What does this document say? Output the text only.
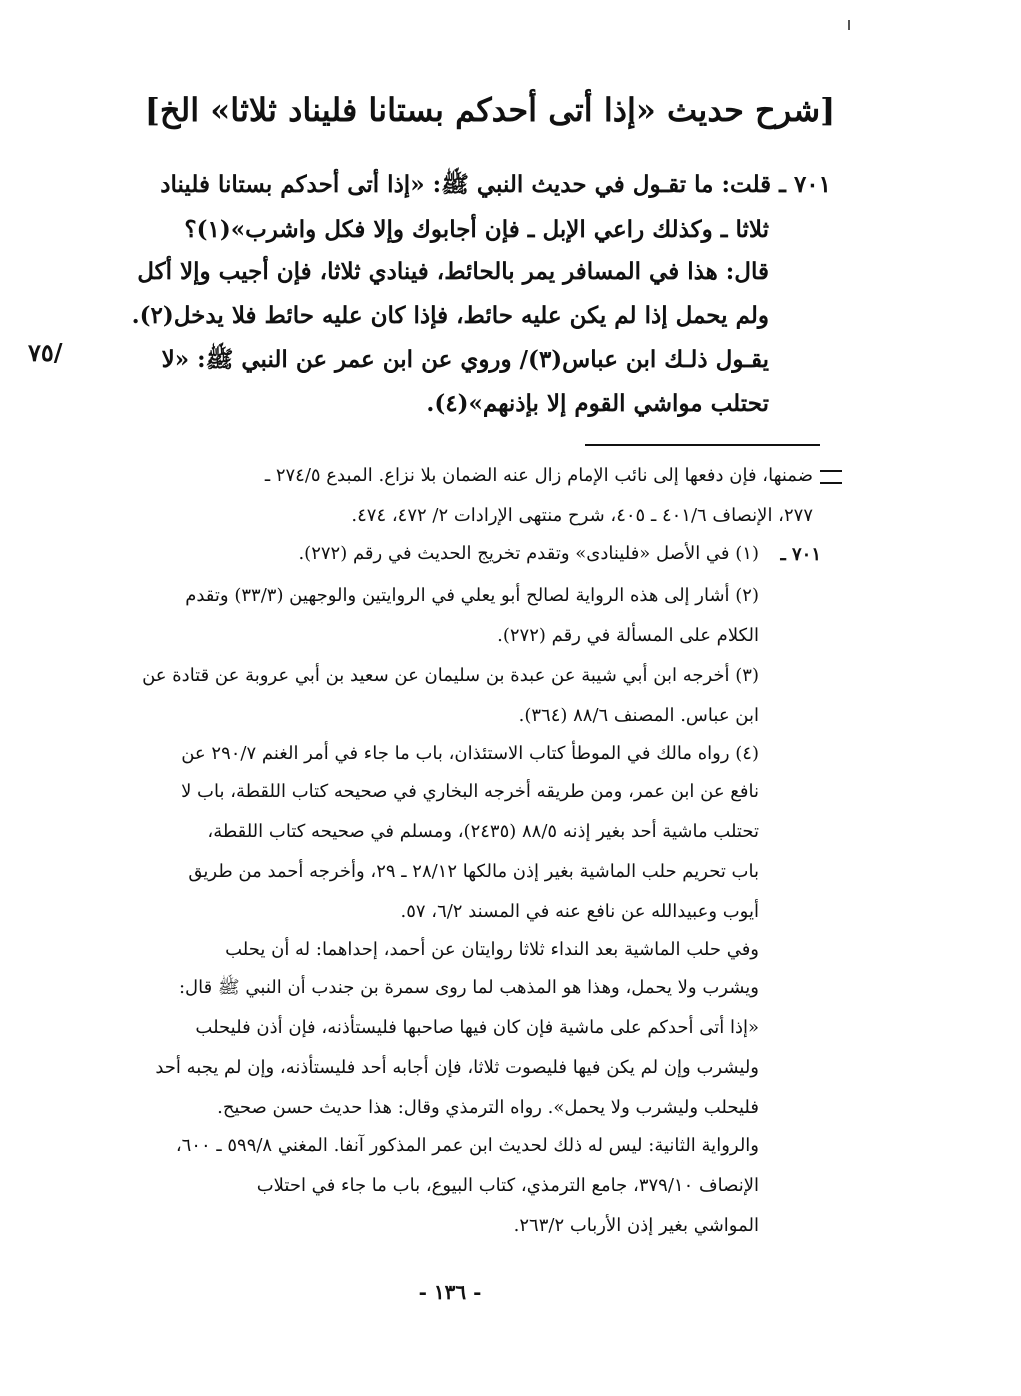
[شرح حديث «إذا أتى أحدكم بستانا فليناد ثلاثا» الخ]
٧٠١ ـ قلت: ما تقـول في حديث النبي ﷺ: «إذا أتى أحدكم بستانا فليناد
ثلاثا ـ وكذلك راعي الإبل ـ فإن أجابوك وإلا فكل واشرب»(١)؟
قال: هذا في المسافر يمر بالحائط، فينادي ثلاثا، فإن أجيب وإلا أكل
ولم يحمل إذا لم يكن عليه حائط، فإذا كان عليه حائط فلا يدخل(٢).
يقـول ذلـك ابن عباس(٣)/ وروي عن ابن عمر عن النبي ﷺ: «لا
تحتلب مواشي القوم إلا بإذنهم»(٤).
٧٥/
ضمنها، فإن دفعها إلى نائب الإمام زال عنه الضمان بلا نزاع. المبدع ٢٧٤/٥ ـ
٢٧٧، الإنصاف ٤٠١/٦ ـ ٤٠٥، شرح منتهى الإرادات ٢/ ٤٧٢، ٤٧٤.
٧٠١ ـ
(١) في الأصل «فلينادى» وتقدم تخريج الحديث في رقم (٢٧٢).
(٢) أشار إلى هذه الرواية لصالح أبو يعلي في الروايتين والوجهين (٣٣/٣) وتقدم
الكلام على المسألة في رقم (٢٧٢).
(٣) أخرجه ابن أبي شيبة عن عبدة بن سليمان عن سعيد بن أبي عروبة عن قتادة عن
ابن عباس. المصنف ٨٨/٦ (٣٦٤).
(٤) رواه مالك في الموطأ كتاب الاستئذان، باب ما جاء في أمر الغنم ٢٩٠/٧ عن
نافع عن ابن عمر، ومن طريقه أخرجه البخاري في صحيحه كتاب اللقطة، باب لا
تحتلب ماشية أحد بغير إذنه ٨٨/٥ (٢٤٣٥)، ومسلم في صحيحه كتاب اللقطة،
باب تحريم حلب الماشية بغير إذن مالكها ٢٨/١٢ ـ ٢٩، وأخرجه أحمد من طريق
أيوب وعبيدالله عن نافع عنه في المسند ٦/٢، ٥٧.
وفي حلب الماشية بعد النداء ثلاثا روايتان عن أحمد، إحداهما: له أن يحلب
ويشرب ولا يحمل، وهذا هو المذهب لما روى سمرة بن جندب أن النبي ﷺ قال:
«إذا أتى أحدكم على ماشية فإن كان فيها صاحبها فليستأذنه، فإن أذن فليحلب
وليشرب وإن لم يكن فيها فليصوت ثلاثا، فإن أجابه أحد فليستأذنه، وإن لم يجبه أحد
فليحلب وليشرب ولا يحمل». رواه الترمذي وقال: هذا حديث حسن صحيح.
والرواية الثانية: ليس له ذلك لحديث ابن عمر المذكور آنفا. المغني ٥٩٩/٨ ـ ٦٠٠،
الإنصاف ٣٧٩/١٠، جامع الترمذي، كتاب البيوع، باب ما جاء في احتلاب
المواشي بغير إذن الأرباب ٢٦٣/٢.
- ١٣٦ -
